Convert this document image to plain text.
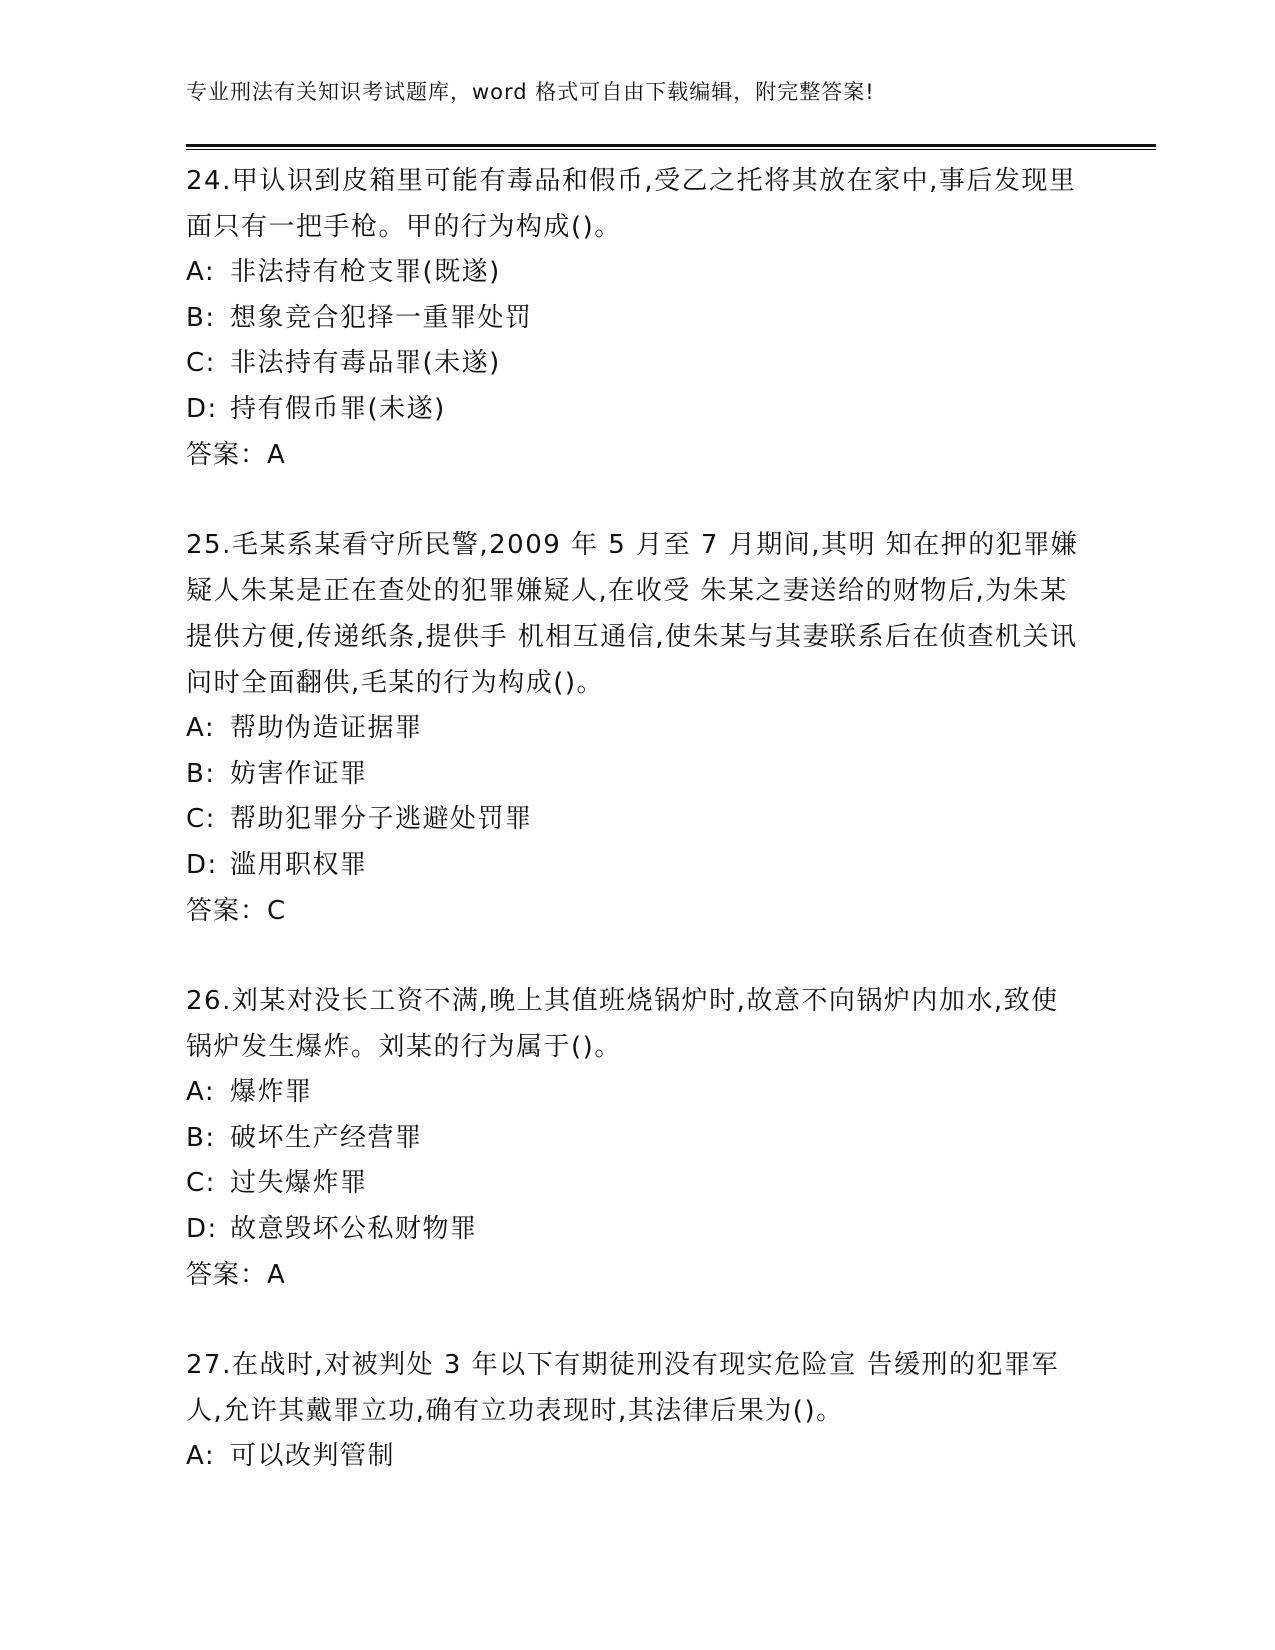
专业刑法有关知识考试题库，word 格式可自由下载编辑，附完整答案!

24.甲认识到皮箱里可能有毒品和假币,受乙之托将其放在家中,事后发现里面只有一把手枪。甲的行为构成()。

A: 非法持有枪支罪(既遂)

B: 想象竞合犯择一重罪处罚

C: 非法持有毒品罪(未遂)

D: 持有假币罪(未遂)

答案：A

25.毛某系某看守所民警,2009 年 5 月至 7 月期间,其明 知在押的犯罪嫌疑人朱某是正在查处的犯罪嫌疑人,在收受 朱某之妻送给的财物后,为朱某提供方便,传递纸条,提供手 机相互通信,使朱某与其妻联系后在侦查机关讯问时全面翻供,毛某的行为构成()。

A: 帮助伪造证据罪

B: 妨害作证罪

C: 帮助犯罪分子逃避处罚罪

D: 滥用职权罪

答案：C

26.刘某对没长工资不满,晚上其值班烧锅炉时,故意不向锅炉内加水,致使锅炉发生爆炸。刘某的行为属于()。

A: 爆炸罪

B: 破坏生产经营罪

C: 过失爆炸罪

D: 故意毁坏公私财物罪

答案：A

27.在战时,对被判处 3 年以下有期徒刑没有现实危险宣 告缓刑的犯罪军人,允许其戴罪立功,确有立功表现时,其法律后果为()。

A: 可以改判管制
